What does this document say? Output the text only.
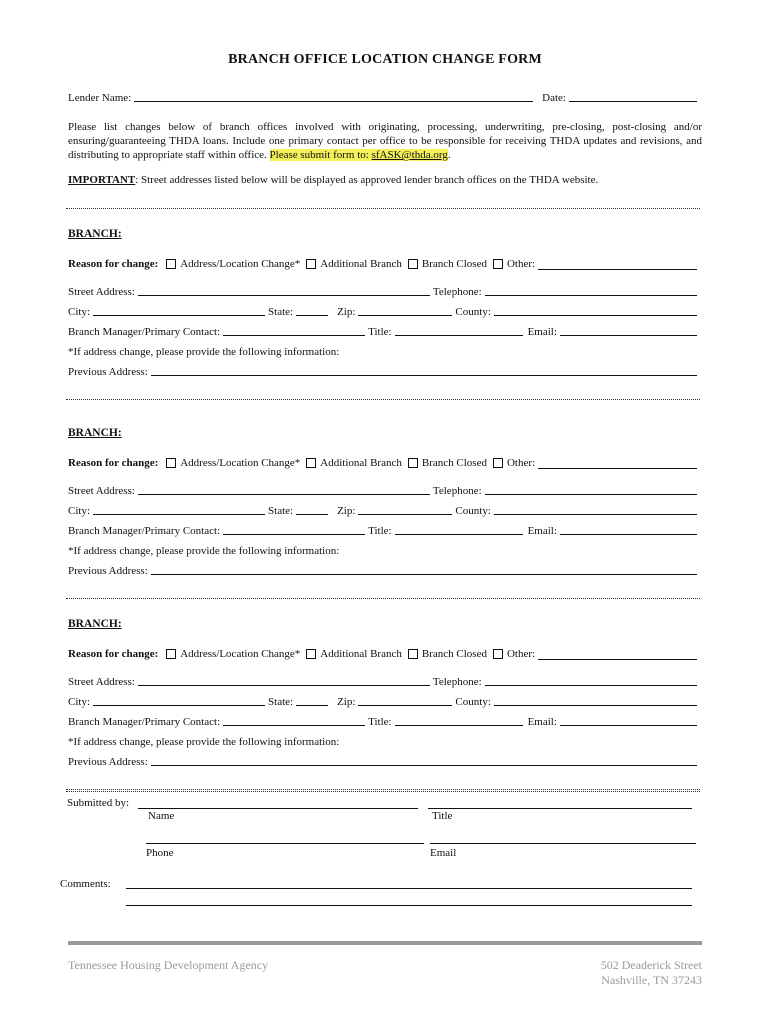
BRANCH OFFICE LOCATION CHANGE FORM
Lender Name:	Date:
Please list changes below of branch offices involved with originating, processing, underwriting, pre-closing, post-closing and/or ensuring/guaranteeing THDA loans. Include one primary contact per office to be responsible for receiving THDA updates and revisions, and distributing to appropriate staff within office. Please submit form to: sfASK@thda.org.
IMPORTANT: Street addresses listed below will be displayed as approved lender branch offices on the THDA website.
BRANCH:
Reason for change: Address/Location Change* Additional Branch Branch Closed Other:
Street Address:	Telephone:
City:	State:	Zip:	County:
Branch Manager/Primary Contact:	Title:	Email:
*If address change, please provide the following information:
Previous Address:
BRANCH:
Reason for change: Address/Location Change* Additional Branch Branch Closed Other:
Street Address:	Telephone:
City:	State:	Zip:	County:
Branch Manager/Primary Contact:	Title:	Email:
*If address change, please provide the following information:
Previous Address:
BRANCH:
Reason for change: Address/Location Change* Additional Branch Branch Closed Other:
Street Address:	Telephone:
City:	State:	Zip:	County:
Branch Manager/Primary Contact:	Title:	Email:
*If address change, please provide the following information:
Previous Address:
Submitted by:
Name	Title
Phone	Email
Comments:
Tennessee Housing Development Agency	502 Deaderick Street
Nashville, TN 37243
